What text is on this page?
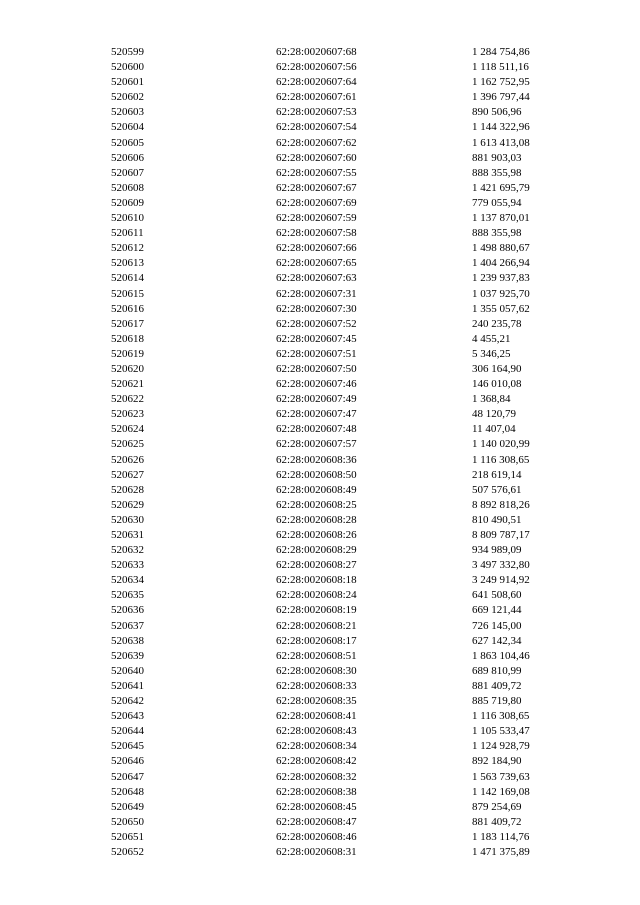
520599	62:28:0020607:68	1 284 754,86
520600	62:28:0020607:56	1 118 511,16
520601	62:28:0020607:64	1 162 752,95
520602	62:28:0020607:61	1 396 797,44
520603	62:28:0020607:53	890 506,96
520604	62:28:0020607:54	1 144 322,96
520605	62:28:0020607:62	1 613 413,08
520606	62:28:0020607:60	881 903,03
520607	62:28:0020607:55	888 355,98
520608	62:28:0020607:67	1 421 695,79
520609	62:28:0020607:69	779 055,94
520610	62:28:0020607:59	1 137 870,01
520611	62:28:0020607:58	888 355,98
520612	62:28:0020607:66	1 498 880,67
520613	62:28:0020607:65	1 404 266,94
520614	62:28:0020607:63	1 239 937,83
520615	62:28:0020607:31	1 037 925,70
520616	62:28:0020607:30	1 355 057,62
520617	62:28:0020607:52	240 235,78
520618	62:28:0020607:45	4 455,21
520619	62:28:0020607:51	5 346,25
520620	62:28:0020607:50	306 164,90
520621	62:28:0020607:46	146 010,08
520622	62:28:0020607:49	1 368,84
520623	62:28:0020607:47	48 120,79
520624	62:28:0020607:48	11 407,04
520625	62:28:0020607:57	1 140 020,99
520626	62:28:0020608:36	1 116 308,65
520627	62:28:0020608:50	218 619,14
520628	62:28:0020608:49	507 576,61
520629	62:28:0020608:25	8 892 818,26
520630	62:28:0020608:28	810 490,51
520631	62:28:0020608:26	8 809 787,17
520632	62:28:0020608:29	934 989,09
520633	62:28:0020608:27	3 497 332,80
520634	62:28:0020608:18	3 249 914,92
520635	62:28:0020608:24	641 508,60
520636	62:28:0020608:19	669 121,44
520637	62:28:0020608:21	726 145,00
520638	62:28:0020608:17	627 142,34
520639	62:28:0020608:51	1 863 104,46
520640	62:28:0020608:30	689 810,99
520641	62:28:0020608:33	881 409,72
520642	62:28:0020608:35	885 719,80
520643	62:28:0020608:41	1 116 308,65
520644	62:28:0020608:43	1 105 533,47
520645	62:28:0020608:34	1 124 928,79
520646	62:28:0020608:42	892 184,90
520647	62:28:0020608:32	1 563 739,63
520648	62:28:0020608:38	1 142 169,08
520649	62:28:0020608:45	879 254,69
520650	62:28:0020608:47	881 409,72
520651	62:28:0020608:46	1 183 114,76
520652	62:28:0020608:31	1 471 375,89
